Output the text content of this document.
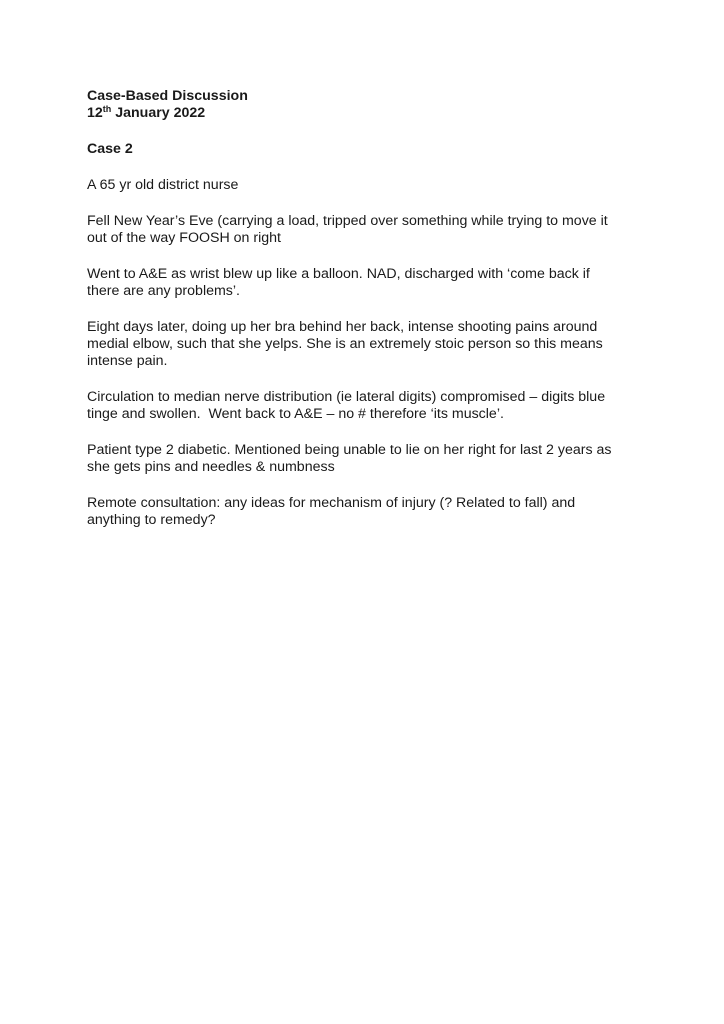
Case-Based Discussion
12th January 2022
Case 2

A 65 yr old district nurse

Fell New Year’s Eve (carrying a load, tripped over something while trying to move it
out of the way FOOSH on right

Went to A&E as wrist blew up like a balloon. NAD, discharged with ‘come back if
there are any problems’.

Eight days later, doing up her bra behind her back, intense shooting pains around
medial elbow, such that she yelps. She is an extremely stoic person so this means
intense pain.

Circulation to median nerve distribution (ie lateral digits) compromised – digits blue
tinge and swollen.  Went back to A&E – no # therefore ‘its muscle’.

Patient type 2 diabetic. Mentioned being unable to lie on her right for last 2 years as
she gets pins and needles & numbness

Remote consultation: any ideas for mechanism of injury (? Related to fall) and
anything to remedy?
